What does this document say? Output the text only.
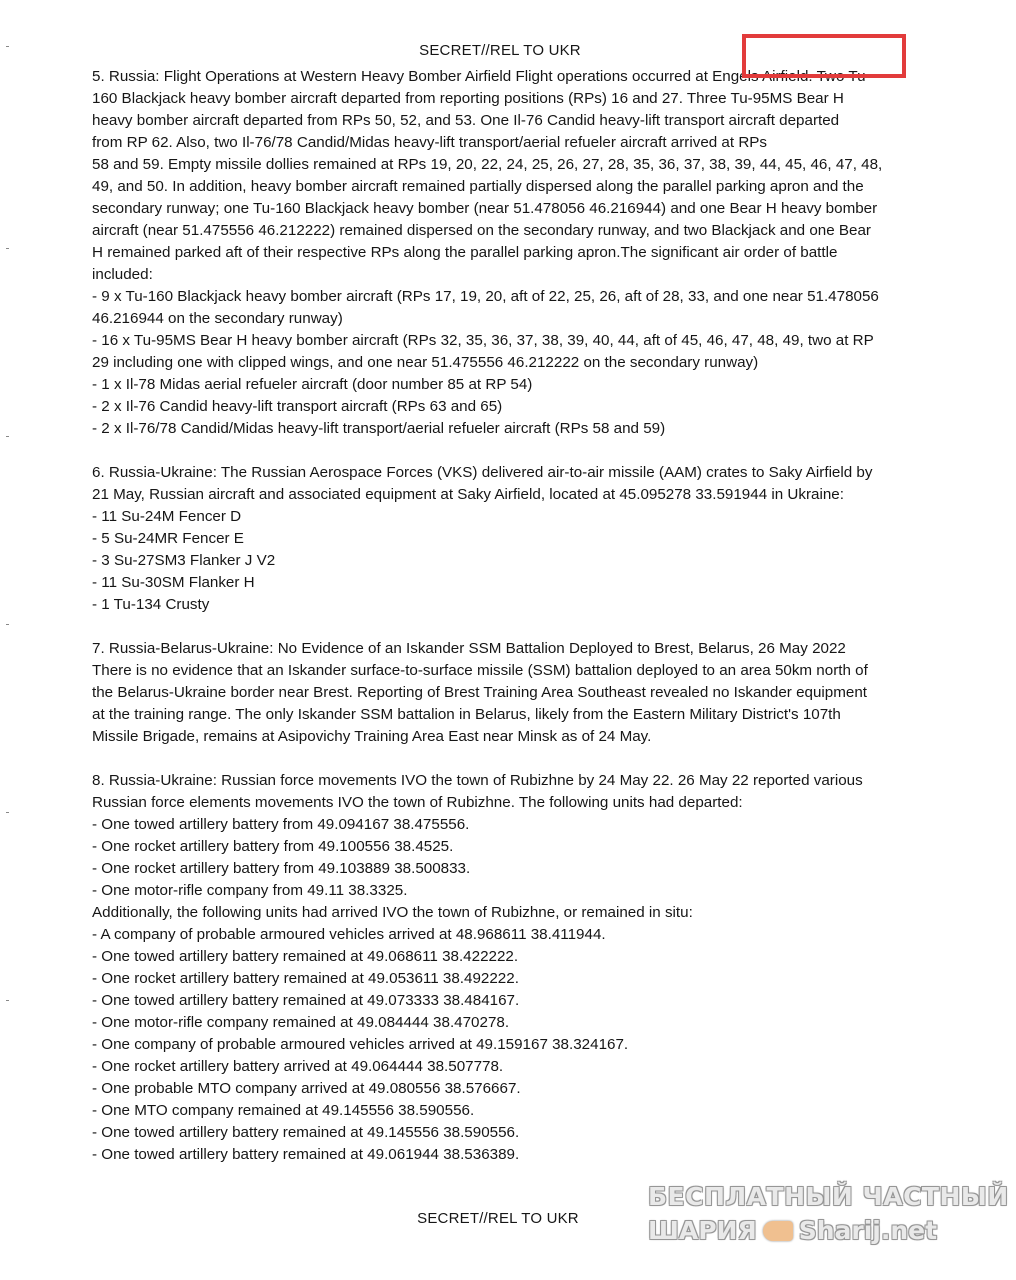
SECRET//REL TO UKR

5. Russia: Flight Operations at Western Heavy Bomber Airfield Flight operations occurred at Engels Airfield. Two Tu-

160 Blackjack heavy bomber aircraft departed from reporting positions (RPs) 16 and 27. Three Tu-95MS Bear H

heavy bomber aircraft departed from RPs 50, 52, and 53. One Il-76 Candid heavy-lift transport aircraft departed

from RP 62. Also, two Il-76/78 Candid/Midas heavy-lift transport/aerial refueler aircraft arrived at RPs

58 and 59. Empty missile dollies remained at RPs 19, 20, 22, 24, 25, 26, 27, 28, 35, 36, 37, 38, 39, 44, 45, 46, 47, 48,

49, and 50. In addition, heavy bomber aircraft remained partially dispersed along the parallel parking apron and the

secondary runway; one Tu-160 Blackjack heavy bomber (near 51.478056 46.216944) and one Bear H heavy bomber

aircraft (near 51.475556 46.212222) remained dispersed on the secondary runway, and two Blackjack and one Bear

H remained parked aft of their respective RPs along the parallel parking apron.The significant air order of battle

included:

- 9 x Tu-160 Blackjack heavy bomber aircraft (RPs 17, 19, 20, aft of 22, 25, 26, aft of 28, 33, and one near 51.478056
46.216944 on the secondary runway)
- 16 x Tu-95MS Bear H heavy bomber aircraft (RPs 32, 35, 36, 37, 38, 39, 40, 44, aft of 45, 46, 47, 48, 49, two at RP
29 including one with clipped wings, and one near 51.475556 46.212222 on the secondary runway)
- 1 x Il-78 Midas aerial refueler aircraft (door number 85 at RP 54)
- 2 x Il-76 Candid heavy-lift transport aircraft (RPs 63 and 65)
- 2 x Il-76/78 Candid/Midas heavy-lift transport/aerial refueler aircraft (RPs 58 and 59)

6. Russia-Ukraine: The Russian Aerospace Forces (VKS) delivered air-to-air missile (AAM) crates to Saky Airfield by

21 May, Russian aircraft and associated equipment at Saky Airfield, located at 45.095278 33.591944 in Ukraine:

- 11 Su-24M Fencer D
- 5 Su-24MR Fencer E
- 3 Su-27SM3 Flanker J V2
- 11 Su-30SM Flanker H
- 1 Tu-134 Crusty

7. Russia-Belarus-Ukraine: No Evidence of an Iskander SSM Battalion Deployed to Brest, Belarus, 26 May 2022

There is no evidence that an Iskander surface-to-surface missile (SSM) battalion deployed to an area 50km north of

the Belarus-Ukraine border near Brest. Reporting of Brest Training Area Southeast revealed no Iskander equipment

at the training range. The only Iskander SSM battalion in Belarus, likely from the Eastern Military District's 107th

Missile Brigade, remains at Asipovichy Training Area East near Minsk as of 24 May.

8. Russia-Ukraine: Russian force movements IVO the town of Rubizhne by 24 May 22. 26 May 22 reported various

Russian force elements movements IVO the town of Rubizhne. The following units had departed:

- One towed artillery battery from 49.094167 38.475556.
- One rocket artillery battery from 49.100556 38.4525.
- One rocket artillery battery from 49.103889 38.500833.
- One motor-rifle company from 49.11 38.3325.

Additionally, the following units had arrived IVO the town of Rubizhne, or remained in situ:

- A company of probable armoured vehicles arrived at 48.968611 38.411944.
- One towed artillery battery remained at 49.068611 38.422222.
- One rocket artillery battery remained at 49.053611 38.492222.
- One towed artillery battery remained at 49.073333 38.484167.
- One motor-rifle company remained at 49.084444 38.470278.
- One company of probable armoured vehicles arrived at 49.159167 38.324167.
- One rocket artillery battery arrived at 49.064444 38.507778.
- One probable MTO company arrived at 49.080556 38.576667.
- One MTO company remained at 49.145556 38.590556.
- One towed artillery battery remained at 49.145556 38.590556.
- One towed artillery battery remained at 49.061944 38.536389.
SECRET//REL TO UKR
БЕСПЛАТНЫЙ ЧАСТНЫЙ
ШАРИЯ Sharij.net
